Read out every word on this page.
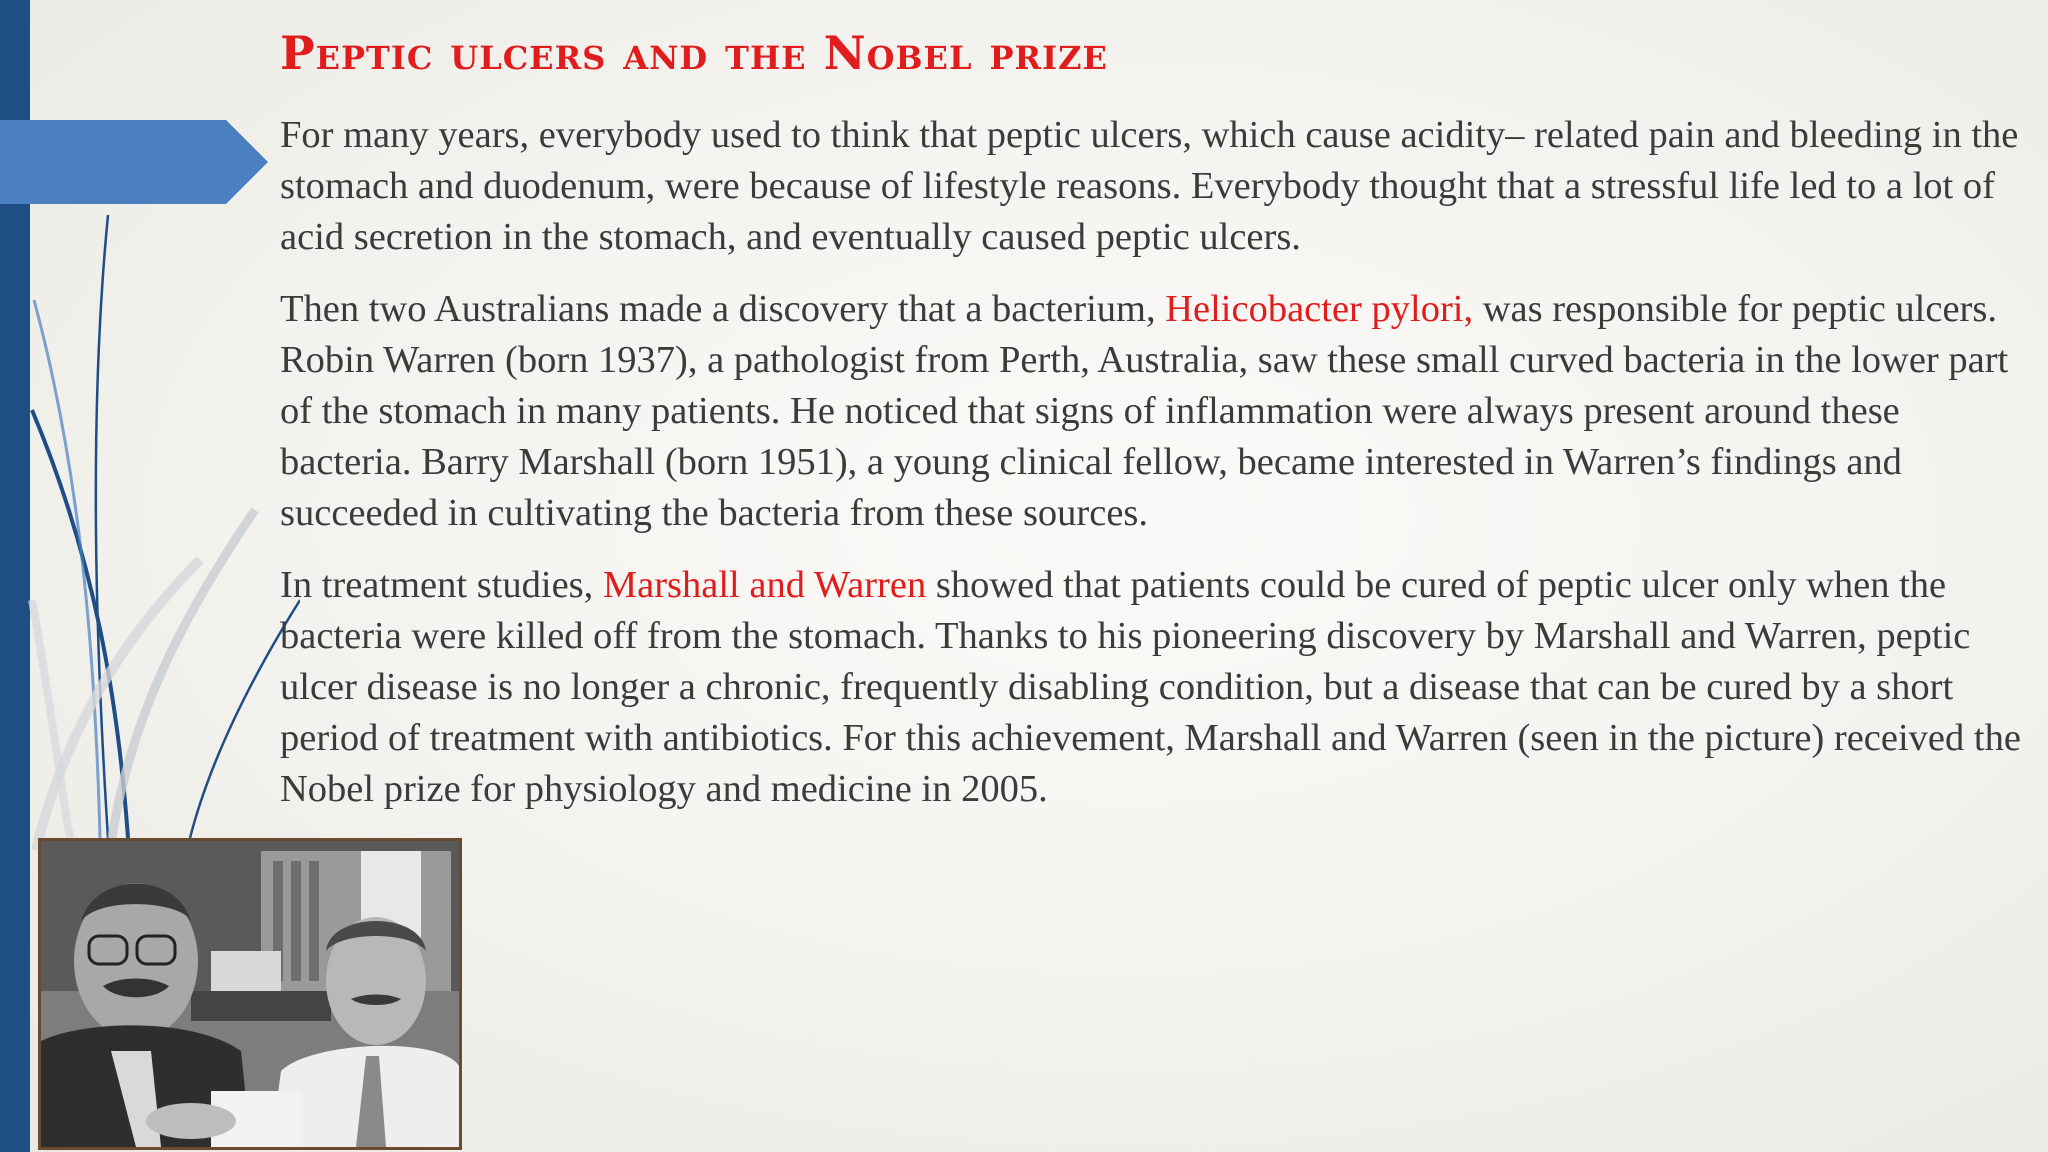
Peptic ulcers and the Nobel prize

For many years, everybody used to think that peptic ulcers, which cause acidity– related pain and bleeding in the stomach and duodenum, were because of lifestyle reasons. Everybody thought that a stressful life led to a lot of acid secretion in the stomach, and eventually caused peptic ulcers.

Then two Australians made a discovery that a bacterium, Helicobacter pylori, was responsible for peptic ulcers. Robin Warren (born 1937), a pathologist from Perth, Australia, saw these small curved bacteria in the lower part of the stomach in many patients. He noticed that signs of inflammation were always present around these bacteria. Barry Marshall (born 1951), a young clinical fellow, became interested in Warren’s findings and succeeded in cultivating the bacteria from these sources.

In treatment studies, Marshall and Warren showed that patients could be cured of peptic ulcer only when the bacteria were killed off from the stomach. Thanks to his pioneering discovery by Marshall and Warren, peptic ulcer disease is no longer a chronic, frequently disabling condition, but a disease that can be cured by a short period of treatment with antibiotics. For this achievement, Marshall and Warren (seen in the picture) received the Nobel prize for physiology and medicine in 2005.
